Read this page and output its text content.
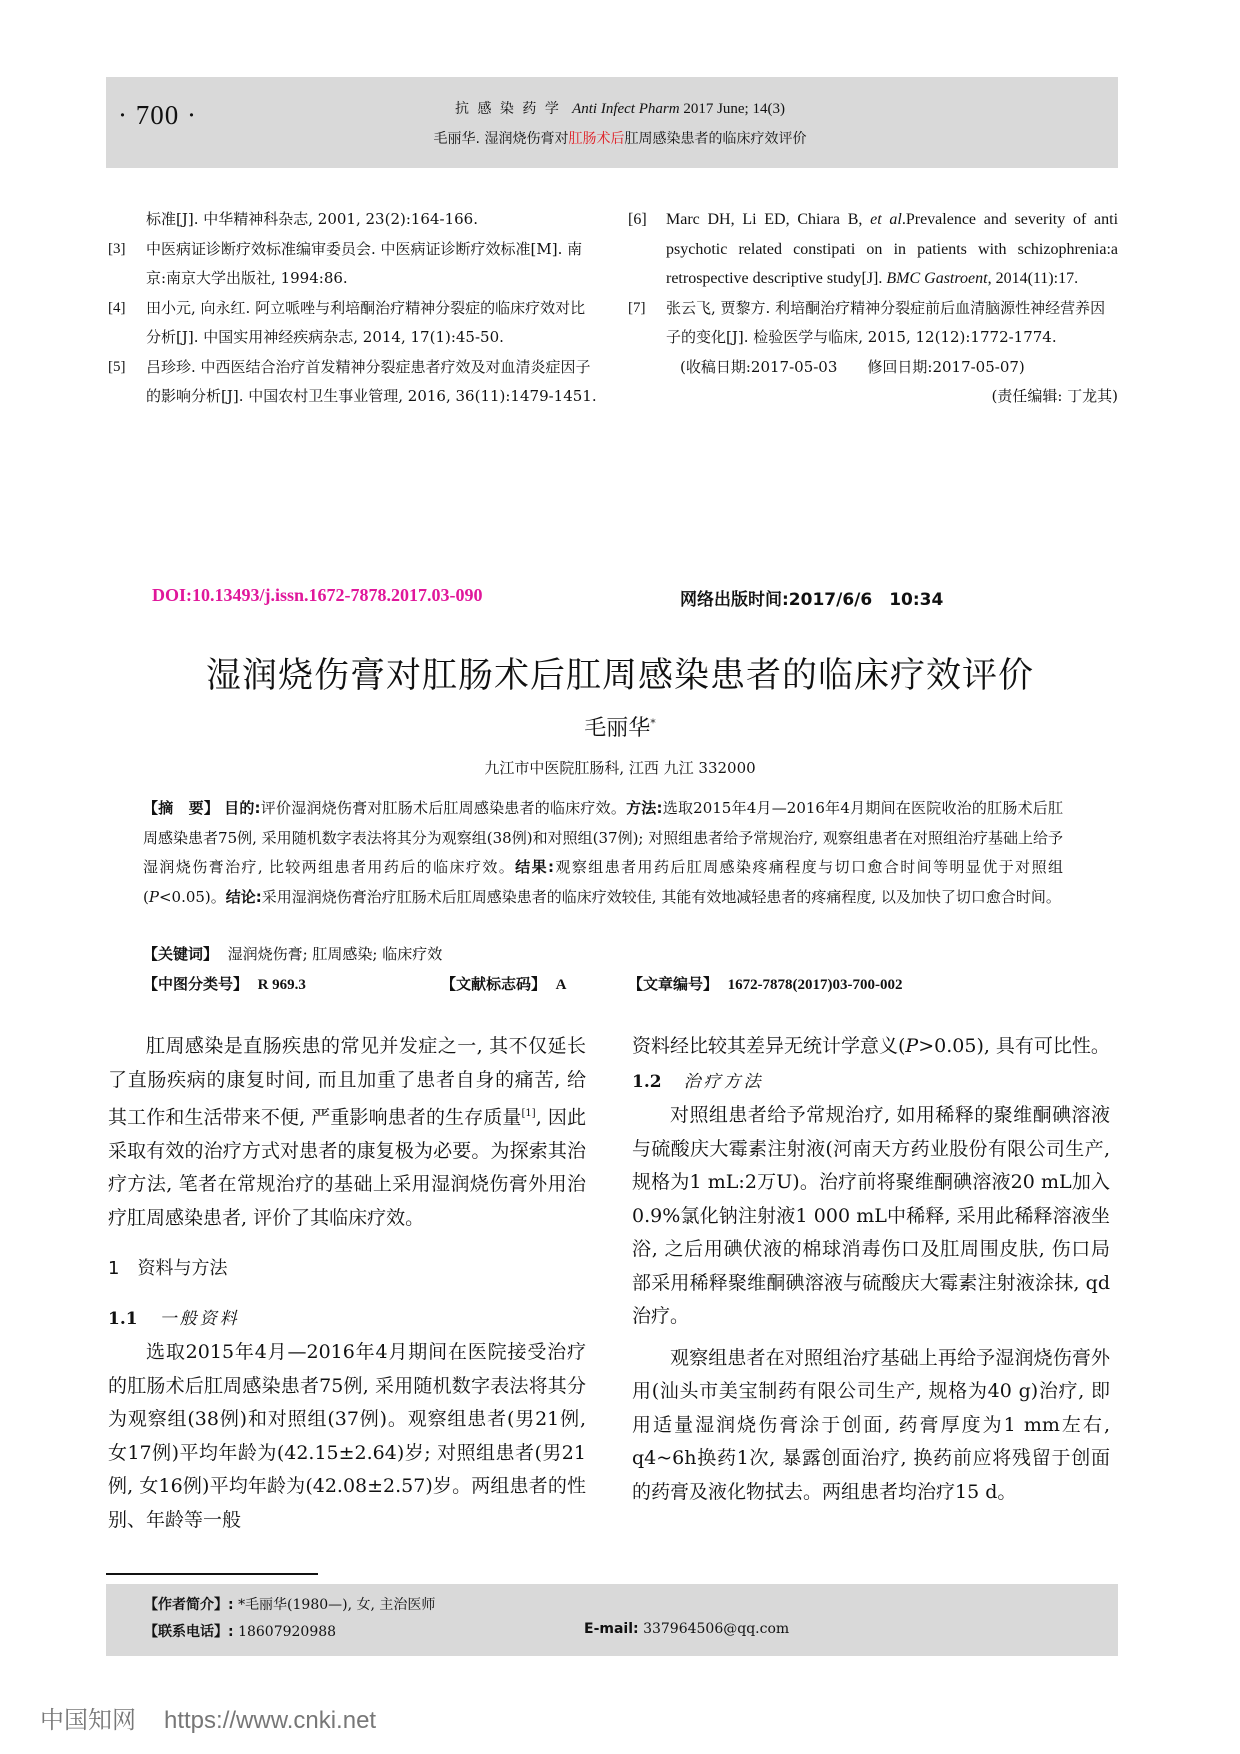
· 700 ·	抗 感 染 药 学 Anti Infect Pharm 2017 June; 14(3)
毛丽华. 湿润烧伤膏对肛肠术后肛周感染患者的临床疗效评价
标准[J]. 中华精神科杂志, 2001, 23(2):164-166.
[3] 中医病证诊断疗效标准编审委员会. 中医病证诊断疗效标准[M]. 南京:南京大学出版社, 1994:86.
[4] 田小元, 向永红. 阿立哌唑与利培酮治疗精神分裂症的临床疗效对比分析[J]. 中国实用神经疾病杂志, 2014, 17(1):45-50.
[5] 吕珍珍. 中西医结合治疗首发精神分裂症患者疗效及对血清炎症因子的影响分析[J]. 中国农村卫生事业管理, 2016, 36(11):1479-1451.
[6] Marc DH, Li ED, Chiara B, et al.Prevalence and severity of anti psychotic related constipati on in patients with schizophrenia:a retrospective descriptive study[J]. BMC Gastroent, 2014(11):17.
[7] 张云飞, 贾黎方. 利培酮治疗精神分裂症前后血清脑源性神经营养因子的变化[J]. 检验医学与临床, 2015, 12(12):1772-1774.
(收稿日期:2017-05-03　　修回日期:2017-05-07)
(责任编辑: 丁龙其)
DOI:10.13493/j.issn.1672-7878.2017.03-090	网络出版时间:2017/6/6　10:34
湿润烧伤膏对肛肠术后肛周感染患者的临床疗效评价
毛丽华*
九江市中医院肛肠科, 江西 九江 332000
【摘　要】 目的:评价湿润烧伤膏对肛肠术后肛周感染患者的临床疗效。方法:选取2015年4月—2016年4月期间在医院收治的肛肠术后肛周感染患者75例, 采用随机数字表法将其分为观察组(38例)和对照组(37例); 对照组患者给予常规治疗, 观察组患者在对照组治疗基础上给予湿润烧伤膏治疗, 比较两组患者用药后的临床疗效。结果:观察组患者用药后肛周感染疼痛程度与切口愈合时间等明显优于对照组(P<0.05)。结论:采用湿润烧伤膏治疗肛肠术后肛周感染患者的临床疗效较佳, 其能有效地减轻患者的疼痛程度, 以及加快了切口愈合时间。
【关键词】 湿润烧伤膏; 肛周感染; 临床疗效
【中图分类号】 R 969.3	【文献标志码】 A	【文章编号】 1672-7878(2017)03-700-002

肛周感染是直肠疾患的常见并发症之一, 其不仅延长了直肠疾病的康复时间, 而且加重了患者自身的痛苦, 给其工作和生活带来不便, 严重影响患者的生存质量[1], 因此采取有效的治疗方式对患者的康复极为必要。为探索其治疗方法, 笔者在常规治疗的基础上采用湿润烧伤膏外用治疗肛周感染患者, 评价了其临床疗效。

1　资料与方法

1.1 一般资料

选取2015年4月—2016年4月期间在医院接受治疗的肛肠术后肛周感染患者75例, 采用随机数字表法将其分为观察组(38例)和对照组(37例)。观察组患者(男21例, 女17例)平均年龄为(42.15±2.64)岁; 对照组患者(男21例, 女16例)平均年龄为(42.08±2.57)岁。两组患者的性别、年龄等一般

资料经比较其差异无统计学意义(P>0.05), 具有可比性。

1.2 治疗方法

对照组患者给予常规治疗, 如用稀释的聚维酮碘溶液与硫酸庆大霉素注射液(河南天方药业股份有限公司生产, 规格为1 mL:2万U)。治疗前将聚维酮碘溶液20 mL加入0.9%氯化钠注射液1 000 mL中稀释, 采用此稀释溶液坐浴, 之后用碘伏液的棉球消毒伤口及肛周围皮肤, 伤口局部采用稀释聚维酮碘溶液与硫酸庆大霉素注射液涂抹, qd治疗。

观察组患者在对照组治疗基础上再给予湿润烧伤膏外用(汕头市美宝制药有限公司生产, 规格为40 g)治疗, 即用适量湿润烧伤膏涂于创面, 药膏厚度为1 mm左右, q4~6h换药1次, 暴露创面治疗, 换药前应将残留于创面的药膏及液化物拭去。两组患者均治疗15 d。

【作者简介】: *毛丽华(1980—), 女, 主治医师
【联系电话】: 18607920988	E-mail: 337964506@qq.com
中国知网 https://www.cnki.net
